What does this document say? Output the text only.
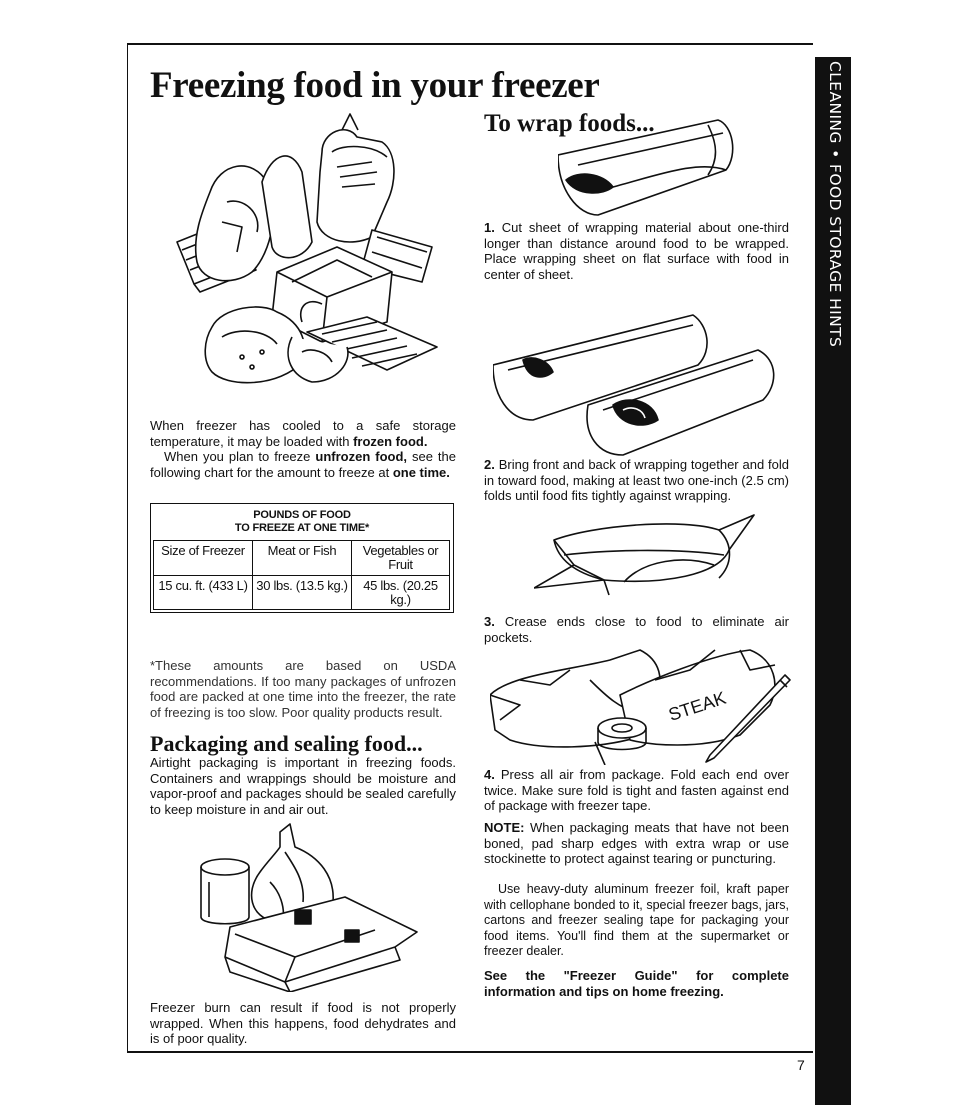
CLEANING • FOOD STORAGE HINTS
7
Freezing food in your freezer

When freezer has cooled to a safe storage temperature, it may be loaded with frozen food.

When you plan to freeze unfrozen food, see the following chart for the amount to freeze at one time.

POUNDS OF FOOD
TO FREEZE AT ONE TIME*
Size of Freezer	Meat or Fish	Vegetables or Fruit
15 cu. ft. (433 L) 30 lbs. (13.5 kg.)	45 lbs. (20.25 kg.)

*These amounts are based on USDA recommendations. If too many packages of unfrozen food are packed at one time into the freezer, the rate of freezing is too slow. Poor quality products result.

Packaging and sealing food...

Airtight packaging is important in freezing foods. Containers and wrappings should be moisture and vapor-proof and packages should be sealed carefully to keep moisture in and air out.

Freezer burn can result if food is not properly wrapped. When this happens, food dehydrates and is of poor quality.

To wrap foods...

1. Cut sheet of wrapping material about one-third longer than distance around food to be wrapped. Place wrapping sheet on flat surface with food in center of sheet.

2. Bring front and back of wrapping together and fold in toward food, making at least two one-inch (2.5 cm) folds until food fits tightly against wrapping.

3. Crease ends close to food to eliminate air pockets.

STEAK

4. Press all air from package. Fold each end over twice. Make sure fold is tight and fasten against end of package with freezer tape.

NOTE: When packaging meats that have not been boned, pad sharp edges with extra wrap or use stockinette to protect against tearing or puncturing.

Use heavy-duty aluminum freezer foil, kraft paper with cellophane bonded to it, special freezer bags, jars, cartons and freezer sealing tape for packaging your food items. You'll find them at the supermarket or freezer dealer.

See the "Freezer Guide" for complete information and tips on home freezing.
